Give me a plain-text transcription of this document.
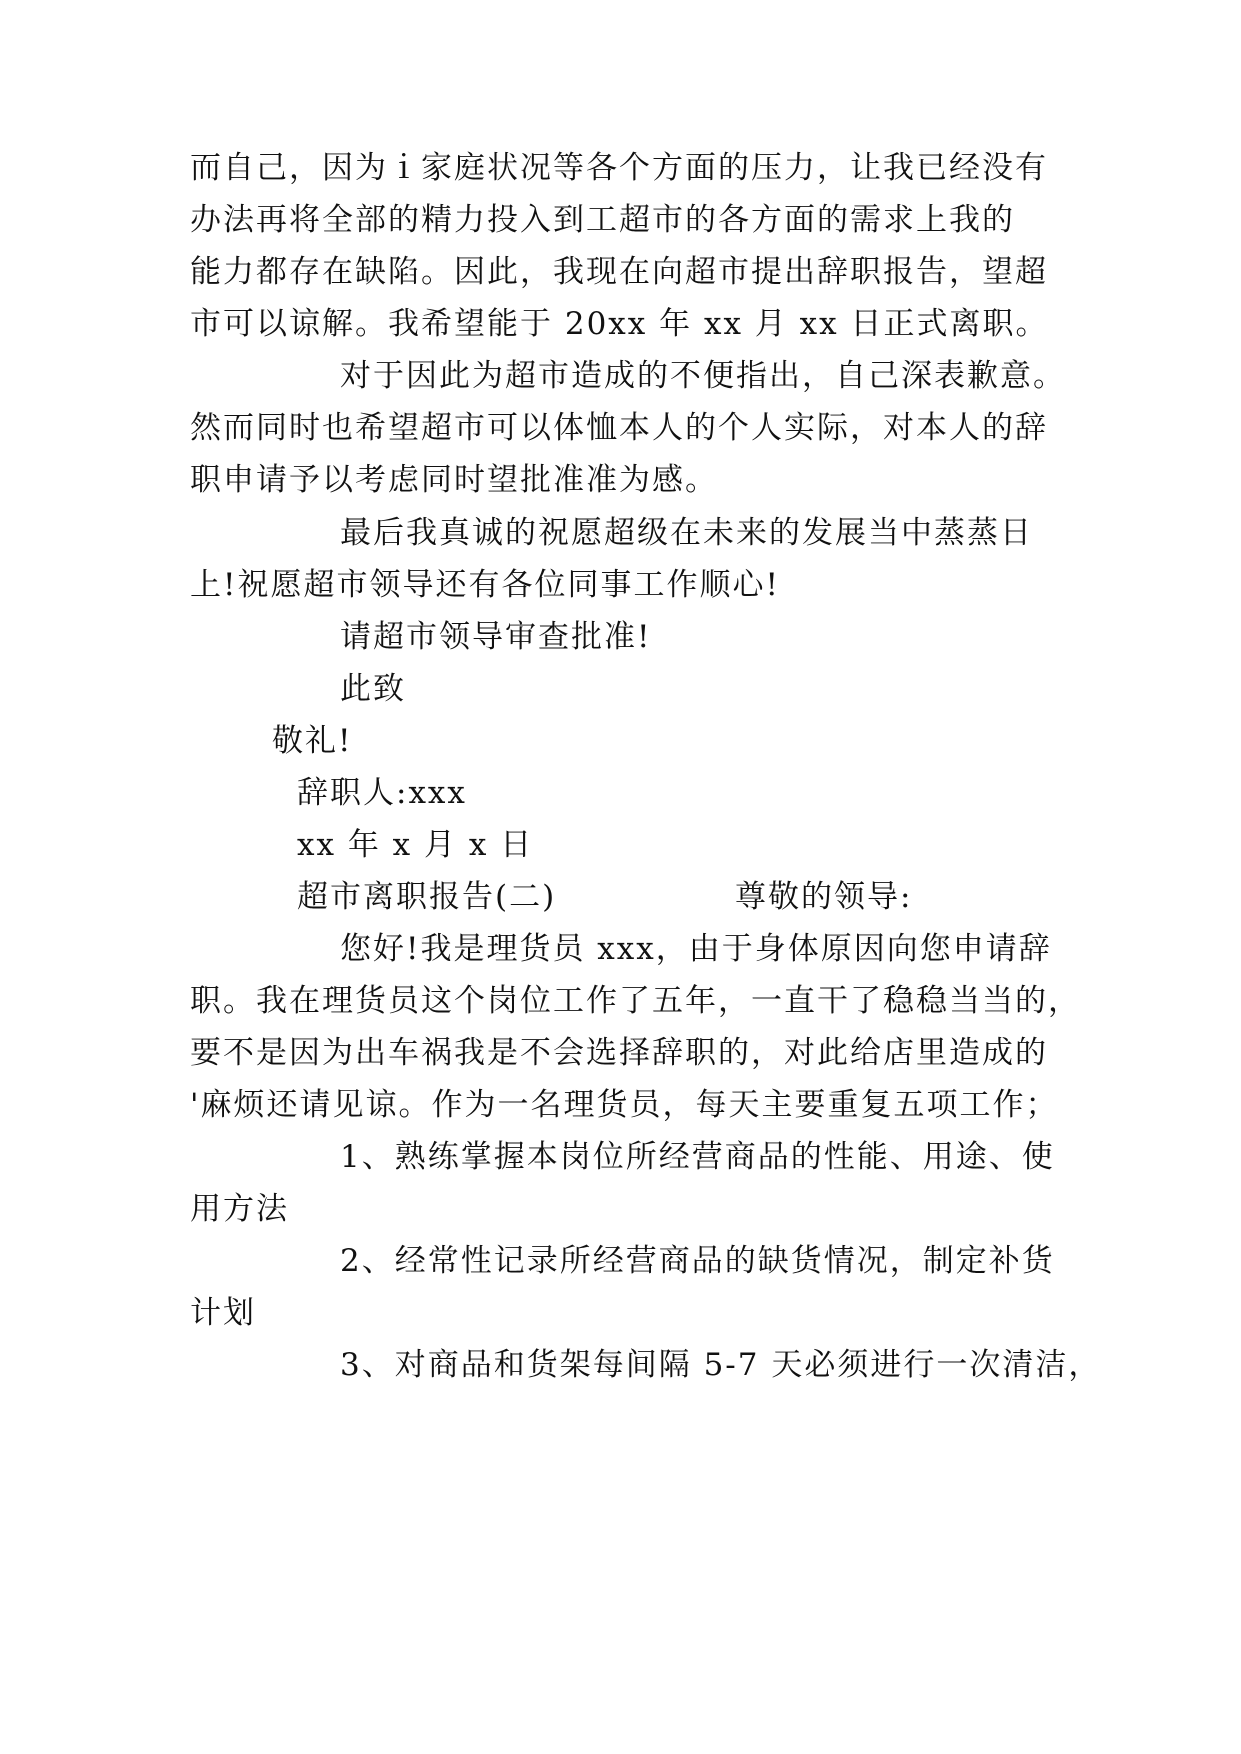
而自己，因为ｉ家庭状况等各个方面的压力，让我已经没有
办法再将全部的精力投入到工超市的各方面的需求上我的
能力都存在缺陷。因此，我现在向超市提出辞职报告，望超
市可以谅解。我希望能于 20xx 年 xx 月 xx 日正式离职。
对于因此为超市造成的不便指出，自己深表歉意。
然而同时也希望超市可以体恤本人的个人实际，对本人的辞
职申请予以考虑同时望批准准为感。
最后我真诚的祝愿超级在未来的发展当中蒸蒸日
上!祝愿超市领导还有各位同事工作顺心!
请超市领导审查批准!
此致
敬礼!
辞职人:xxx
xx 年 x 月 x 日
超市离职报告(二)	尊敬的领导:
您好!我是理货员 xxx，由于身体原因向您申请辞
职。我在理货员这个岗位工作了五年，一直干了稳稳当当的，
要不是因为出车祸我是不会选择辞职的，对此给店里造成的
'麻烦还请见谅。作为一名理货员，每天主要重复五项工作；
1、熟练掌握本岗位所经营商品的性能、用途、使
用方法
2、经常性记录所经营商品的缺货情况，制定补货
计划
3、对商品和货架每间隔 5-7 天必须进行一次清洁，
